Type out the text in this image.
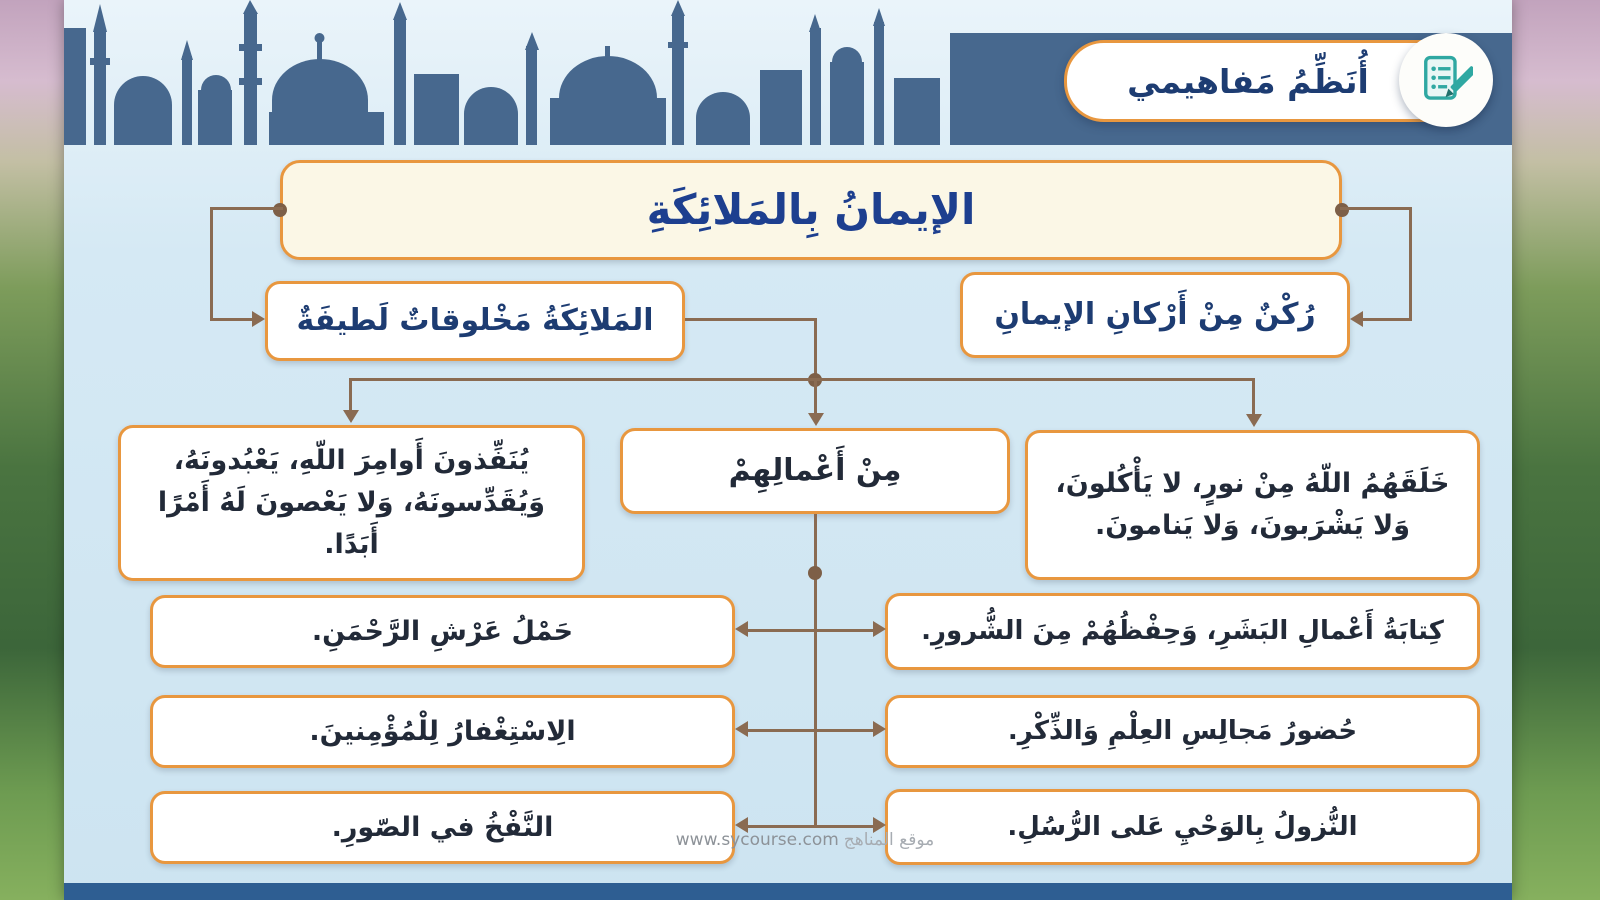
أُنَظِّمُ مَفاهيمي
الإيمانُ بِالمَلائِكَةِ
المَلائِكَةُ مَخْلوقاتٌ لَطيفَةٌ	رُكْنٌ مِنْ أَرْكانِ الإيمانِ
يُنَفِّذونَ أَوامِرَ اللّهِ، يَعْبُدونَهُ، وَيُقَدِّسونَهُ، وَلا يَعْصونَ لَهُ أَمْرًا أَبَدًا.
مِنْ أَعْمالِهِمْ	خَلَقَهُمُ اللّهُ مِنْ نورٍ، لا يَأْكُلونَ، وَلا يَشْرَبونَ، وَلا يَنامونَ.
حَمْلُ عَرْشِ الرَّحْمَنِ.
الِاسْتِغْفارُ لِلْمُؤْمِنينَ.
النَّفْخُ في الصّورِ.
كِتابَةُ أَعْمالِ البَشَرِ، وَحِفْظُهُمْ مِنَ الشُّرورِ.
حُضورُ مَجالِسِ العِلْمِ وَالذِّكْرِ.
النُّزولُ بِالوَحْيِ عَلى الرُّسُلِ.
www.sycourse.com موقع المناهج
